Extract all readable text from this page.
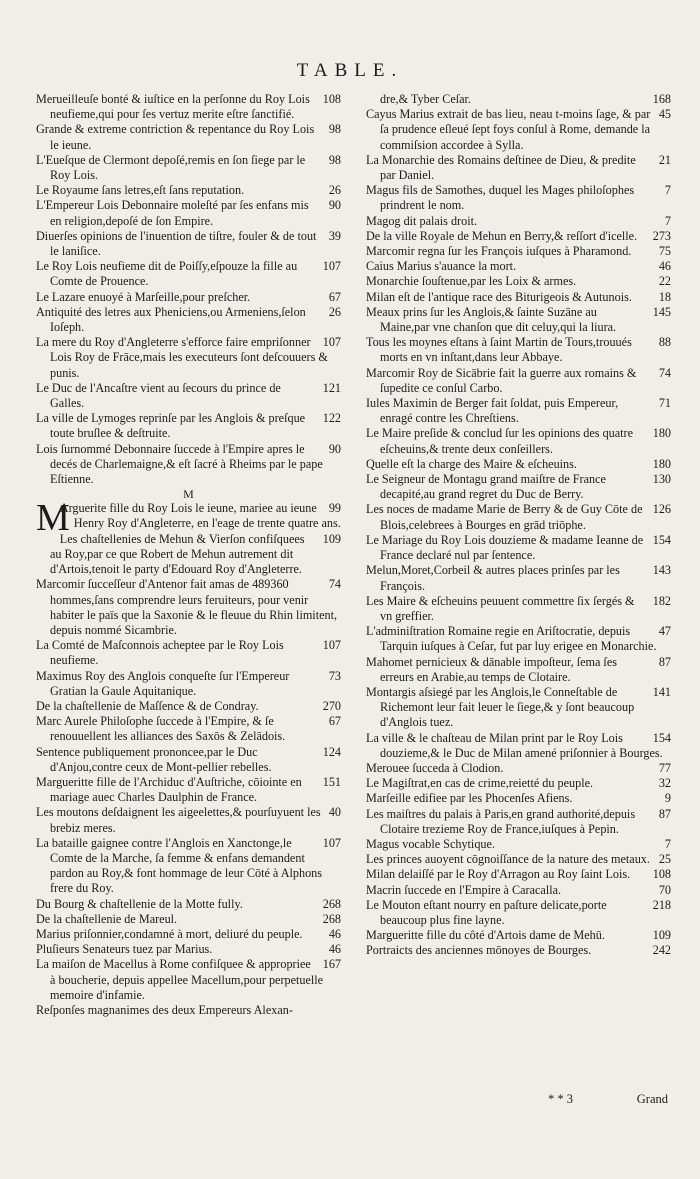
TABLE.

108
Merueilleuſe bonté & iuſtice en la perſonne du Roy Lois neufieme,qui pour ſes vertuz merite eſtre ſanctifié.

98
Grande & extreme contriction & repentance du Roy Lois le ieune.

98
L'Eueſque de Clermont depoſé,remis en ſon ſiege par le Roy Lois.

26
Le Royaume ſans letres,eſt ſans reputation.

90
L'Empereur Lois Debonnaire moleſté par ſes enfans mis en religion,depoſé de ſon Empire.

39
Diuerſes opinions de l'inuention de tiſtre, fouler & de tout le laniſice.

107
Le Roy Lois neufieme dit de Poiſſy,eſpouze la fille au Comte de Prouence.

67
Le Lazare enuoyé à Marſeille,pour preſcher.

26
Antiquité des letres aux Pheniciens,ou Armeniens,ſelon Ioſeph.

107
La mere du Roy d'Angleterre s'efforce faire empriſonner Lois Roy de Frāce,mais les executeurs ſont deſcouuers & punis.

121
Le Duc de l'Ancaſtre vient au ſecours du prince de Galles.

122
La ville de Lymoges reprinſe par les Anglois & preſque toute bruſlee & deſtruite.

90
Lois ſurnommé Debonnaire ſuccede à l'Empire apres le decés de Charlemaigne,& eſt ſacré à Rheims par le pape Eſtienne.

M

M	99
Arguerite fille du Roy Lois le ieune, mariee au ieune Henry Roy d'Angleterre, en l'eage de trente quatre ans.

109
Les chaſtellenies de Mehun & Vierſon confiſquees au Roy,par ce que Robert de Mehun autrement dit d'Artois,tenoit le party d'Edouard Roy d'Angleterre.

74
Marcomir ſucceſſeur d'Antenor fait amas de 489360 hommes,ſans comprendre leurs feruiteurs, pour venir habiter le païs que la Saxonie & le fleuue du Rhin limitent, depuis nommé Sicambrie.

107
La Comté de Maſconnois acheptee par le Roy Lois neufieme.

73
Maximus Roy des Anglois conqueſte ſur l'Empereur Gratian la Gaule Aquitanique.

270
De la chaſtellenie de Maſſence & de Condray.

67
Marc Aurele Philoſophe ſuccede à l'Empire, & ſe renouuellent les alliances des Saxōs & Zelādois.

124
Sentence publiquement prononcee,par le Duc d'Anjou,contre ceux de Mont-pellier rebelles.

151
Margueritte fille de l'Archiduc d'Auſtriche, cōiointe en mariage auec Charles Daulphin de France.

40
Les moutons deſdaignent les aigeelettes,& pourſuyuent les brebiz meres.

107
La bataille gaignee contre l'Anglois en Xanctonge,le Comte de la Marche, ſa femme & enfans demandent pardon au Roy,& font hommage de leur Cōté à Alphons frere du Roy.

268
Du Bourg & chaſtellenie de la Motte fully.

268
De la chaſtellenie de Mareul.

46
Marius priſonnier,condamné à mort, deliuré du peuple.

46
Pluſieurs Senateurs tuez par Marius.

167
La maiſon de Macellus à Rome confiſquee & appropriee à boucherie, depuis appellee Macellum,pour perpetuelle memoire d'infamie.

Reſponſes magnanimes des deux Empereurs Alexan-

168
dre,& Tyber Ceſar.

45
Cayus Marius extrait de bas lieu, neau t-moins ſage, & par ſa prudence eſleué ſept foys conſul à Rome, demande la commiſsion accordee à Sylla.

21
La Monarchie des Romains deſtinee de Dieu, & predite par Daniel.

7
Magus fils de Samothes, duquel les Mages philoſophes prindrent le nom.

7
Magog dit palais droit.

273
De la ville Royale de Mehun en Berry,& reſſort d'icelle.

75
Marcomir regna ſur les François iuſques à Pharamond.

46
Caius Marius s'auance la mort.

22
Monarchie ſouſtenue,par les Loix & armes.

18
Milan eſt de l'antique race des Biturigeois & Autunois.

145
Meaux prins ſur les Anglois,& ſainte Suzāne au Maine,par vne chanſon que dit celuy,qui la liura.

88
Tous les moynes eſtans à ſaint Martin de Tours,trouués morts en vn inſtant,dans leur Abbaye.

74
Marcomir Roy de Sicābrie fait la guerre aux romains & ſupedite ce conſul Carbo.

71
Iules Maximin de Berger fait ſoldat, puis Empereur, enragé contre les Chreſtiens.

180
Le Maire preſide & conclud ſur les opinions des quatre eſcheuins,& trente deux conſeillers.

180
Quelle eſt la charge des Maire & eſcheuins.

130
Le Seigneur de Montagu grand maiſtre de France decapité,au grand regret du Duc de Berry.

126
Les noces de madame Marie de Berry & de Guy Cōte de Blois,celebrees à Bourges en grād triōphe.

154
Le Mariage du Roy Lois douzieme & madame Ieanne de France declaré nul par ſentence.

143
Melun,Moret,Corbeil & autres places prinſes par les François.

182
Les Maire & eſcheuins peuuent commettre ſix ſergés & vn greffier.

47
L'adminiſtration Romaine regie en Ariſtocratie, depuis Tarquin iuſques à Ceſar, fut par luy erigee en Monarchie.

87
Mahomet pernicieux & dānable impoſteur, ſema ſes erreurs en Arabie,au temps de Clotaire.

141
Montargis aſsiegé par les Anglois,le Conneſtable de Richemont leur fait leuer le ſiege,& y ſont beaucoup d'Anglois tuez.

154
La ville & le chaſteau de Milan print par le Roy Lois douzieme,& le Duc de Milan amené priſonnier à Bourges.

77
Merouee ſucceda à Clodion.

32
Le Magiſtrat,en cas de crime,reietté du peuple.

9
Marſeille edifiee par les Phocenſes Afiens.

87
Les maiſtres du palais à Paris,en grand authorité,depuis Clotaire trezieme Roy de France,iuſques à Pepin.

7
Magus vocable Schytique.

25
Les princes auoyent cōgnoiſſance de la nature des metaux.

108
Milan delaiſſé par le Roy d'Arragon au Roy ſaint Lois.

70
Macrin ſuccede en l'Empire à Caracalla.

218
Le Mouton eſtant nourry en paſture delicate,porte beaucoup plus fine layne.

109
Margueritte fille du côté d'Artois dame de Mehū.

242
Portraicts des anciennes mōnoyes de Bourges.

* * 3	Grand
